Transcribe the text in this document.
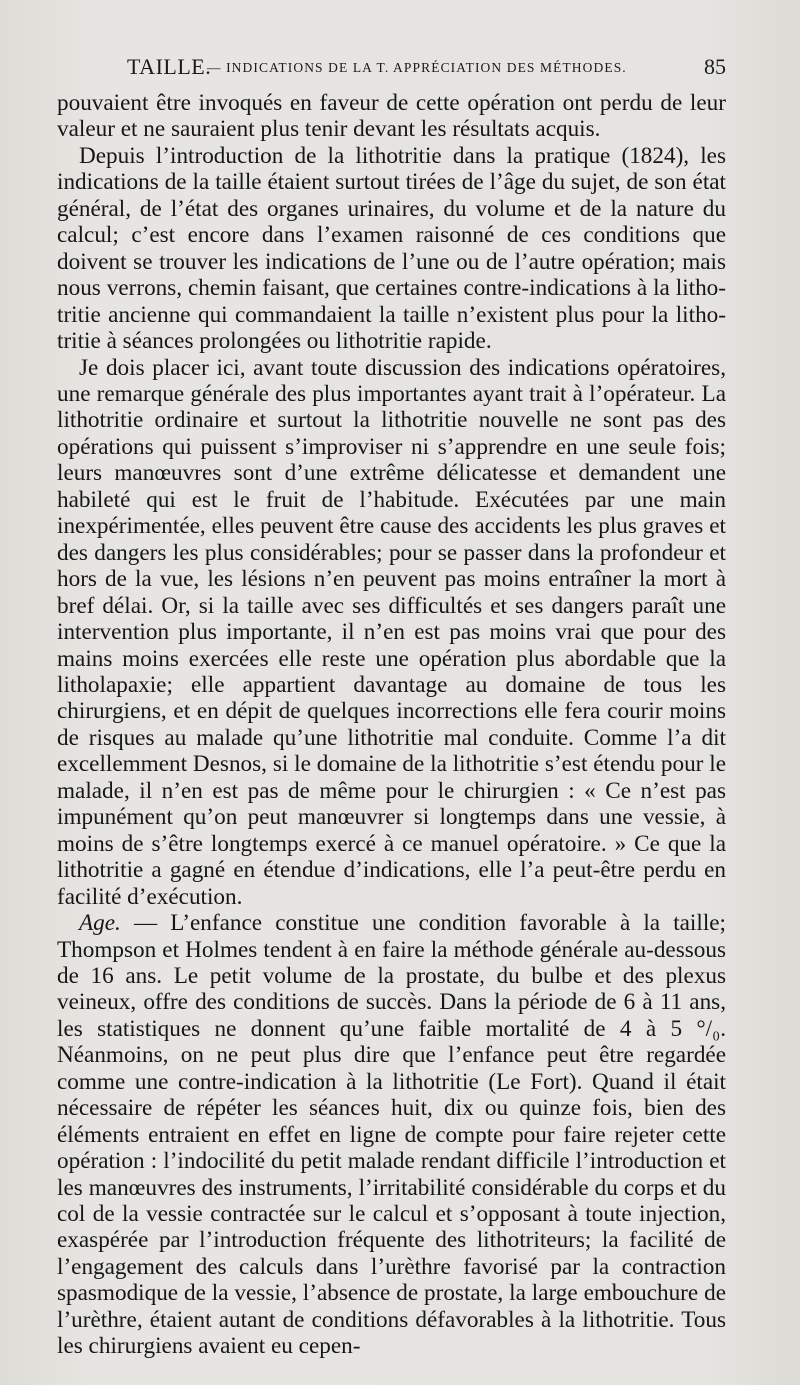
TAILLE.
— INDICATIONS DE LA T. APPRÉCIATION DES MÉTHODES.	85

pouvaient être invoqués en faveur de cette opération ont perdu de leur valeur et ne sauraient plus tenir devant les résultats acquis.

Depuis l’introduction de la lithotritie dans la pratique (1824), les indications de la taille étaient surtout tirées de l’âge du sujet, de son état général, de l’état des organes urinaires, du volume et de la nature du calcul; c’est encore dans l’examen raisonné de ces conditions que doivent se trouver les indications de l’une ou de l’autre opération; mais nous verrons, chemin faisant, que certaines contre-indications à la lithotritie ancienne qui commandaient la taille n’existent plus pour la lithotritie à séances prolongées ou lithotritie rapide.

Je dois placer ici, avant toute discussion des indications opératoires, une remarque générale des plus importantes ayant trait à l’opérateur. La lithotritie ordinaire et surtout la lithotritie nouvelle ne sont pas des opérations qui puissent s’improviser ni s’apprendre en une seule fois; leurs manœuvres sont d’une extrême délicatesse et demandent une habileté qui est le fruit de l’habitude. Exécutées par une main inexpérimentée, elles peuvent être cause des accidents les plus graves et des dangers les plus considérables; pour se passer dans la profondeur et hors de la vue, les lésions n’en peuvent pas moins entraîner la mort à bref délai. Or, si la taille avec ses difficultés et ses dangers paraît une intervention plus importante, il n’en est pas moins vrai que pour des mains moins exercées elle reste une opération plus abordable que la litholapaxie; elle appartient davantage au domaine de tous les chirurgiens, et en dépit de quelques incorrections elle fera courir moins de risques au malade qu’une lithotritie mal conduite. Comme l’a dit excellemment Desnos, si le domaine de la lithotritie s’est étendu pour le malade, il n’en est pas de même pour le chirurgien : « Ce n’est pas impunément qu’on peut manœuvrer si longtemps dans une vessie, à moins de s’être longtemps exercé à ce manuel opératoire. » Ce que la lithotritie a gagné en étendue d’indications, elle l’a peut-être perdu en facilité d’exécution.

Age. — L’enfance constitue une condition favorable à la taille; Thompson et Holmes tendent à en faire la méthode générale au-dessous de 16 ans. Le petit volume de la prostate, du bulbe et des plexus veineux, offre des conditions de succès. Dans la période de 6 à 11 ans, les statistiques ne donnent qu’une faible mortalité de 4 à 5 °/₀. Néanmoins, on ne peut plus dire que l’enfance peut être regardée comme une contre-indication à la lithotritie (Le Fort). Quand il était nécessaire de répéter les séances huit, dix ou quinze fois, bien des éléments entraient en effet en ligne de compte pour faire rejeter cette opération : l’indocilité du petit malade rendant difficile l’introduction et les manœuvres des instruments, l’irritabilité considérable du corps et du col de la vessie contractée sur le calcul et s’opposant à toute injection, exaspérée par l’introduction fréquente des lithotriteurs; la facilité de l’engagement des calculs dans l’urèthre favorisé par la contraction spasmodique de la vessie, l’absence de prostate, la large embouchure de l’urèthre, étaient autant de conditions défavorables à la lithotritie. Tous les chirurgiens avaient eu cepen-
